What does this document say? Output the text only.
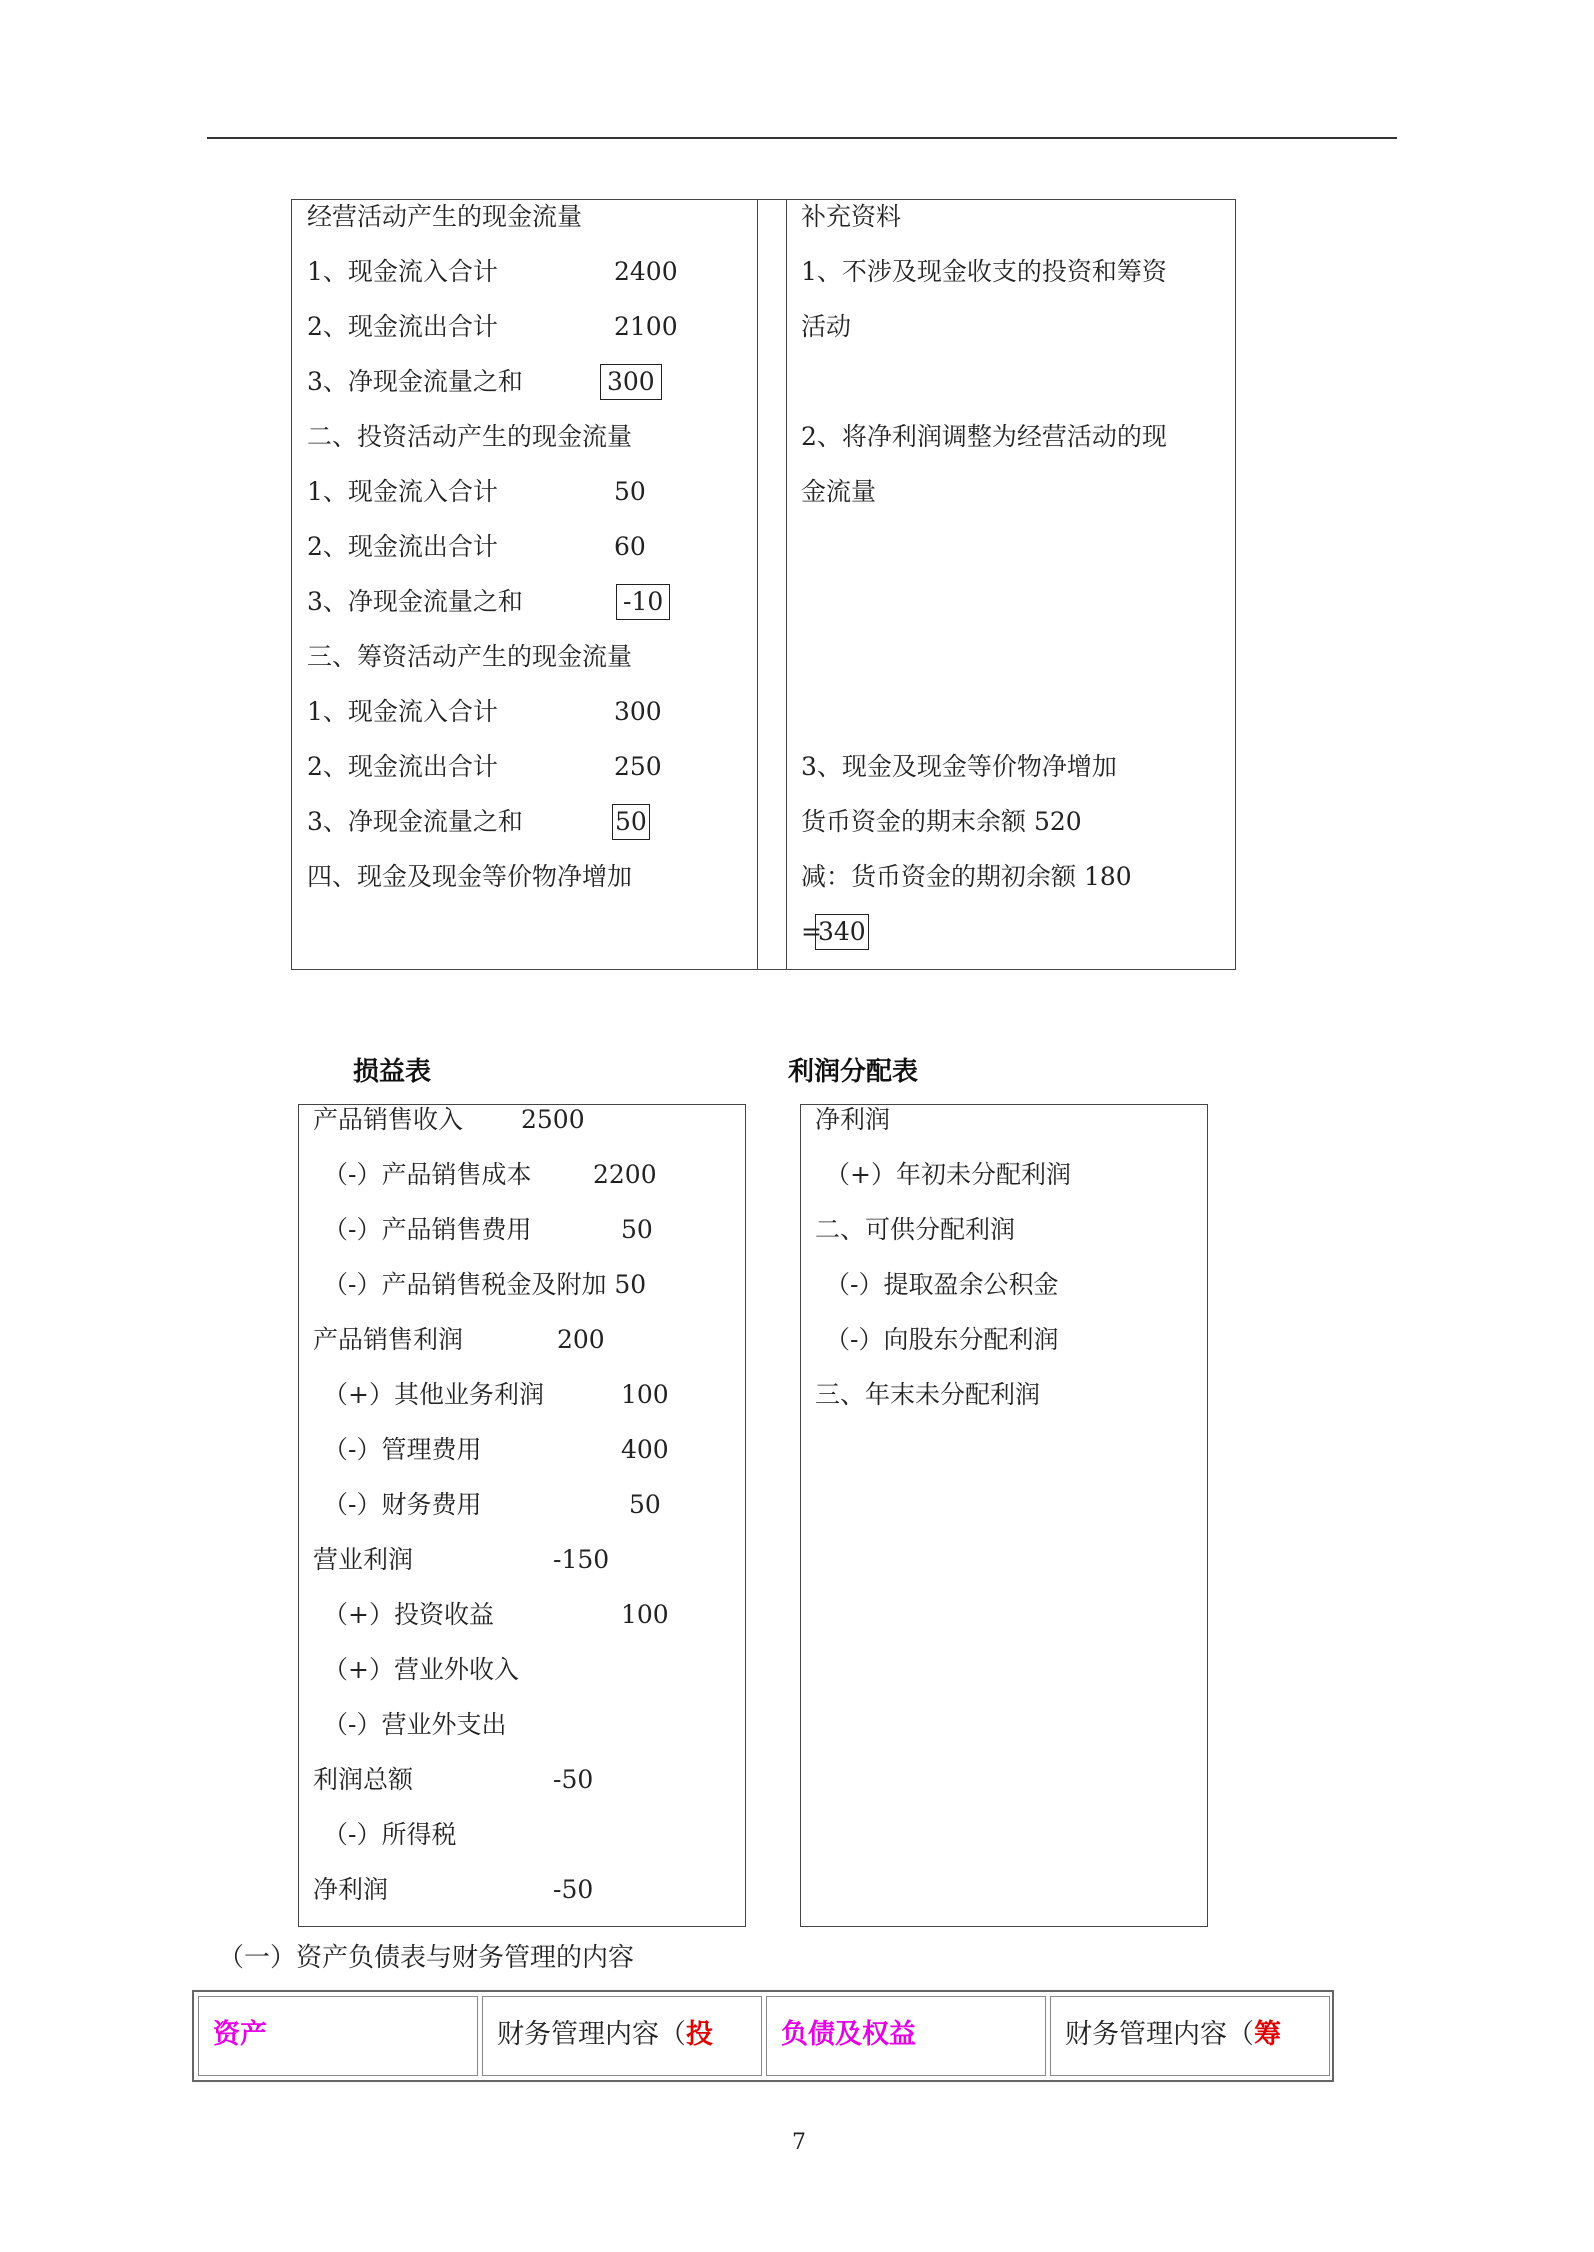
经营活动产生的现金流量
1、现金流入合计	2400
2、现金流出合计	2100
3、净现金流量之和	300
二、投资活动产生的现金流量
1、现金流入合计	50
2、现金流出合计	60
3、净现金流量之和	-10
三、筹资活动产生的现金流量
1、现金流入合计	300
2、现金流出合计	250
3、净现金流量之和	50
四、现金及现金等价物净增加
补充资料
1、不涉及现金收支的投资和筹资
活动
2、将净利润调整为经营活动的现
金流量
3、现金及现金等价物净增加
货币资金的期末余额 520
减：货币资金的期初余额 180
=
340
损益表
产品销售收入 2500
（-）产品销售成本 2200
（-）产品销售费用	50
（-）产品销售税金及附加 50
产品销售利润	200
（+）其他业务利润	100
（-）管理费用	400
（-）财务费用	50
营业利润	-150
（+）投资收益	100
（+）营业外收入
（-）营业外支出
利润总额	-50
（-）所得税
净利润	-50
利润分配表
净利润
（+）年初未分配利润
二、可供分配利润
（-）提取盈余公积金
（-）向股东分配利润
三、年末未分配利润
（一）资产负债表与财务管理的内容
资产	财务管理内容（投	负债及权益	财务管理内容（筹
7
